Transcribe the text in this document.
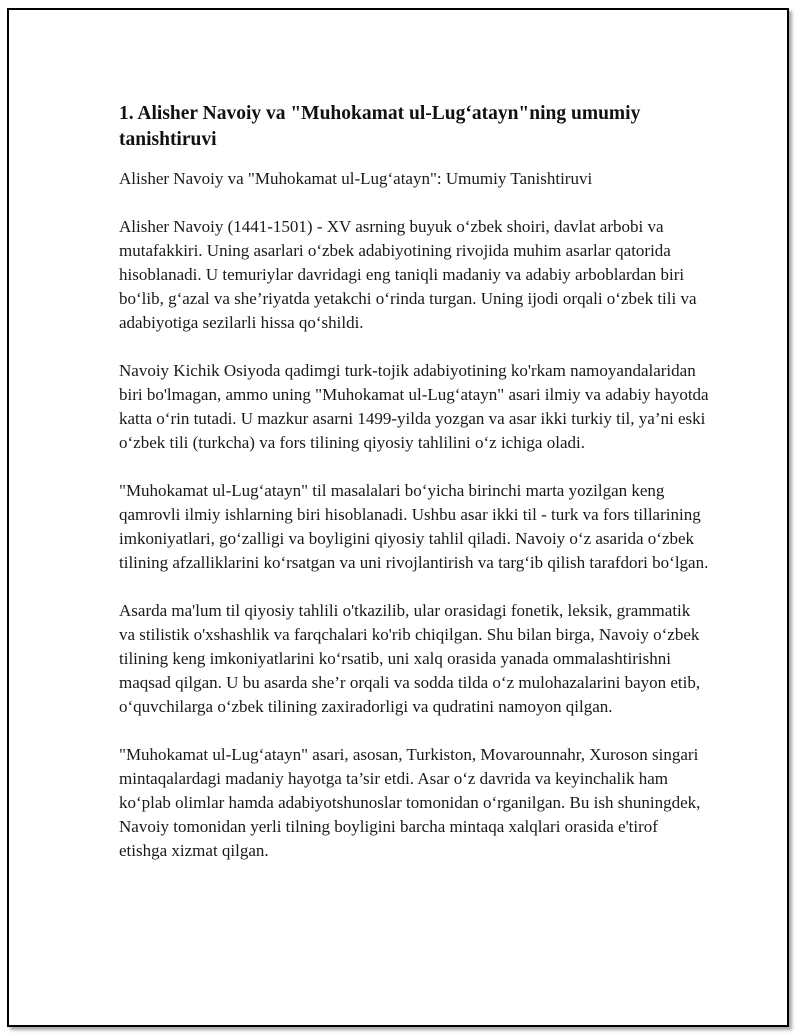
1. Alisher Navoiy va "Muhokamat ul-Lug‘atayn"ning umumiy tanishtiruvi

Alisher Navoiy va "Muhokamat ul-Lug‘atayn": Umumiy Tanishtiruvi

Alisher Navoiy (1441-1501) - XV asrning buyuk o‘zbek shoiri, davlat arbobi va mutafakkiri. Uning asarlari o‘zbek adabiyotining rivojida muhim asarlar qatorida hisoblanadi. U temuriylar davridagi eng taniqli madaniy va adabiy arboblardan biri bo‘lib, g‘azal va she’riyatda yetakchi o‘rinda turgan. Uning ijodi orqali o‘zbek tili va adabiyotiga sezilarli hissa qo‘shildi.

Navoiy Kichik Osiyoda qadimgi turk-tojik adabiyotining ko'rkam namoyandalaridan biri bo'lmagan, ammo uning "Muhokamat ul-Lug‘atayn" asari ilmiy va adabiy hayotda katta o‘rin tutadi. U mazkur asarni 1499-yilda yozgan va asar ikki turkiy til, ya’ni eski o‘zbek tili (turkcha) va fors tilining qiyosiy tahlilini o‘z ichiga oladi.

"Muhokamat ul-Lug‘atayn" til masalalari bo‘yicha birinchi marta yozilgan keng qamrovli ilmiy ishlarning biri hisoblanadi. Ushbu asar ikki til - turk va fors tillarining imkoniyatlari, go‘zalligi va boyligini qiyosiy tahlil qiladi. Navoiy o‘z asarida o‘zbek tilining afzalliklarini ko‘rsatgan va uni rivojlantirish va targ‘ib qilish tarafdori bo‘lgan.

Asarda ma'lum til qiyosiy tahlili o'tkazilib, ular orasidagi fonetik, leksik, grammatik va stilistik o'xshashlik va farqchalari ko'rib chiqilgan. Shu bilan birga, Navoiy o‘zbek tilining keng imkoniyatlarini ko‘rsatib, uni xalq orasida yanada ommalashtirishni maqsad qilgan. U bu asarda she’r orqali va sodda tilda o‘z mulohazalarini bayon etib, o‘quvchilarga o‘zbek tilining zaxiradorligi va qudratini namoyon qilgan.

"Muhokamat ul-Lug‘atayn" asari, asosan, Turkiston, Movarounnahr, Xuroson singari mintaqalardagi madaniy hayotga ta’sir etdi. Asar o‘z davrida va keyinchalik ham ko‘plab olimlar hamda adabiyotshunoslar tomonidan o‘rganilgan. Bu ish shuningdek, Navoiy tomonidan yerli tilning boyligini barcha mintaqa xalqlari orasida e'tirof etishga xizmat qilgan.
